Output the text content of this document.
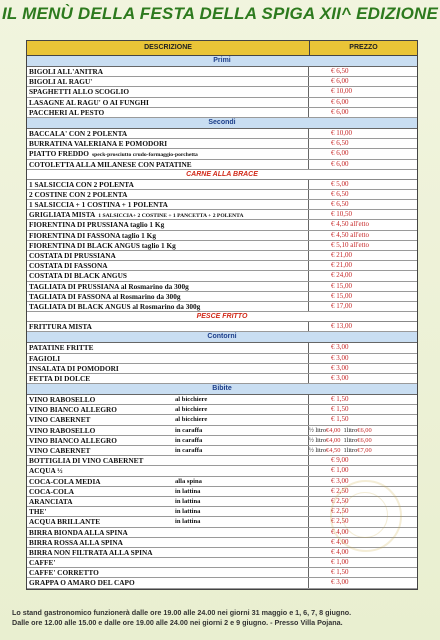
IL MENÙ DELLA FESTA DELLA SPIGA XII^ EDIZIONE
DESCRIZIONE	PREZZO
Primi
BIGOLI ALL'ANITRA	€ 6,50
BIGOLI AL RAGU'	€ 6,00
SPAGHETTI ALLO SCOGLIO	€ 10,00
LASAGNE AL RAGU' O AI FUNGHI	€ 6,00
PACCHERI AL PESTO	€ 6,00
Secondi
BACCALA' CON 2 POLENTA	€ 10,00
BURRATINA VALERIANA E POMODORI	€ 6,50
PIATTO FREDDO speck-prosciutto crudo-formaggio-porchetta	€ 6,00
COTOLETTA ALLA MILANESE CON PATATINE	€ 6,00
CARNE ALLA BRACE
1 SALSICCIA CON 2 POLENTA	€ 5,00
2 COSTINE CON 2 POLENTA	€ 6,50
1 SALSICCIA + 1 COSTINA + 1 POLENTA	€ 6,50
GRIGLIATA MISTA 1 SALSICCIA+ 2 COSTINE + 1 PANCETTA + 2 POLENTA	€ 10,50
FIORENTINA DI PRUSSIANA taglio 1 Kg	€ 4,50 all'etto
FIORENTINA DI FASSONA taglio 1 Kg	€ 4,50 all'etto
FIORENTINA DI BLACK ANGUS taglio 1 Kg	€ 5,10 all'etto
COSTATA DI PRUSSIANA	€ 21,00
COSTATA DI FASSONA	€ 21,00
COSTATA DI BLACK ANGUS	€ 24,00
TAGLIATA DI PRUSSIANA al Rosmarino da 300g	€ 15,00
TAGLIATA DI FASSONA al Rosmarino da 300g	€ 15,00
TAGLIATA DI BLACK ANGUS al Rosmarino da 300g	€ 17,00
PESCE FRITTO
FRITTURA MISTA	€ 13,00
Contorni
PATATINE FRITTE	€ 3,00
FAGIOLI	€ 3,00
INSALATA DI POMODORI	€ 3,00
FETTA DI DOLCE	€ 3,00
Bibite
VINO RABOSELLO	al bicchiere	€ 1,50
VINO BIANCO ALLEGRO	al bicchiere	€ 1,50
VINO CABERNET	al bicchiere	€ 1,50
VINO RABOSELLO	in caraffa	½ litro€4,00 1litro€6,00
VINO BIANCO ALLEGRO	in caraffa	½ litro€4,00 1litro€6,00
VINO CABERNET	in caraffa	½ litro€4,50 1litro€7,00
BOTTIGLIA DI VINO CABERNET	€ 9,00
ACQUA ½	€ 1,00
COCA-COLA MEDIA	alla spina	€ 3,00
COCA-COLA	in lattina	€ 2,50
ARANCIATA	in lattina	€ 2,50
THE'	in lattina	€ 2,50
ACQUA BRILLANTE	in lattina	€ 2,50
BIRRA BIONDA ALLA SPINA	€ 4,00
BIRRA ROSSA ALLA SPINA	€ 4,00
BIRRA NON FILTRATA ALLA SPINA	€ 4,00
CAFFE'	€ 1,00
CAFFE' CORRETTO	€ 1,50
GRAPPA O AMARO DEL CAPO	€ 3,00
Lo stand gastronomico funzionerà dalle ore 19.00 alle 24.00 nei giorni 31 maggio e 1, 6, 7, 8 giugno.
Dalle ore 12.00 alle 15.00 e dalle ore 19.00 alle 24.00 nei giorni 2 e 9 giugno. - Presso Villa Pojana.
